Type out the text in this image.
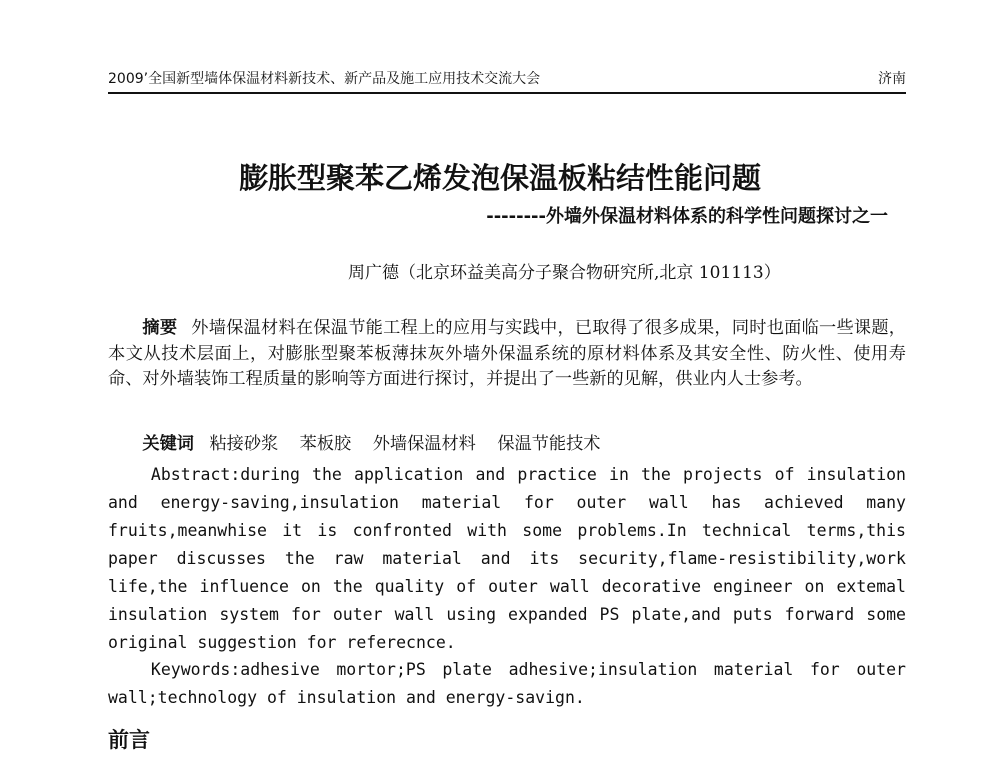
2009’全国新型墙体保温材料新技术、新产品及施工应用技术交流大会	济南
膨胀型聚苯乙烯发泡保温板粘结性能问题
--------外墙外保温材料体系的科学性问题探讨之一
周广德（北京环益美高分子聚合物研究所,北京 101113）

摘要 外墙保温材料在保温节能工程上的应用与实践中，已取得了很多成果，同时也面临一些课题，本文从技术层面上，对膨胀型聚苯板薄抹灰外墙外保温系统的原材料体系及其安全性、防火性、使用寿命、对外墙装饰工程质量的影响等方面进行探讨，并提出了一些新的见解，供业内人士参考。

关键词 粘接砂浆 苯板胶 外墙保温材料 保温节能技术

Abstract:during the application and practice in the projects of insulation and energy-saving,insulation material for outer wall has achieved many fruits,meanwhise it is confronted with some problems.In technical terms,this paper discusses the raw material and its security,flame-resistibility,work life,the influence on the quality of outer wall decorative engineer on extemal insulation system for outer wall using expanded PS plate,and puts forward some original suggestion for referecnce.

Keywords:adhesive mortor;PS plate adhesive;insulation material for outer wall;technology of insulation and energy-savign.

前言
